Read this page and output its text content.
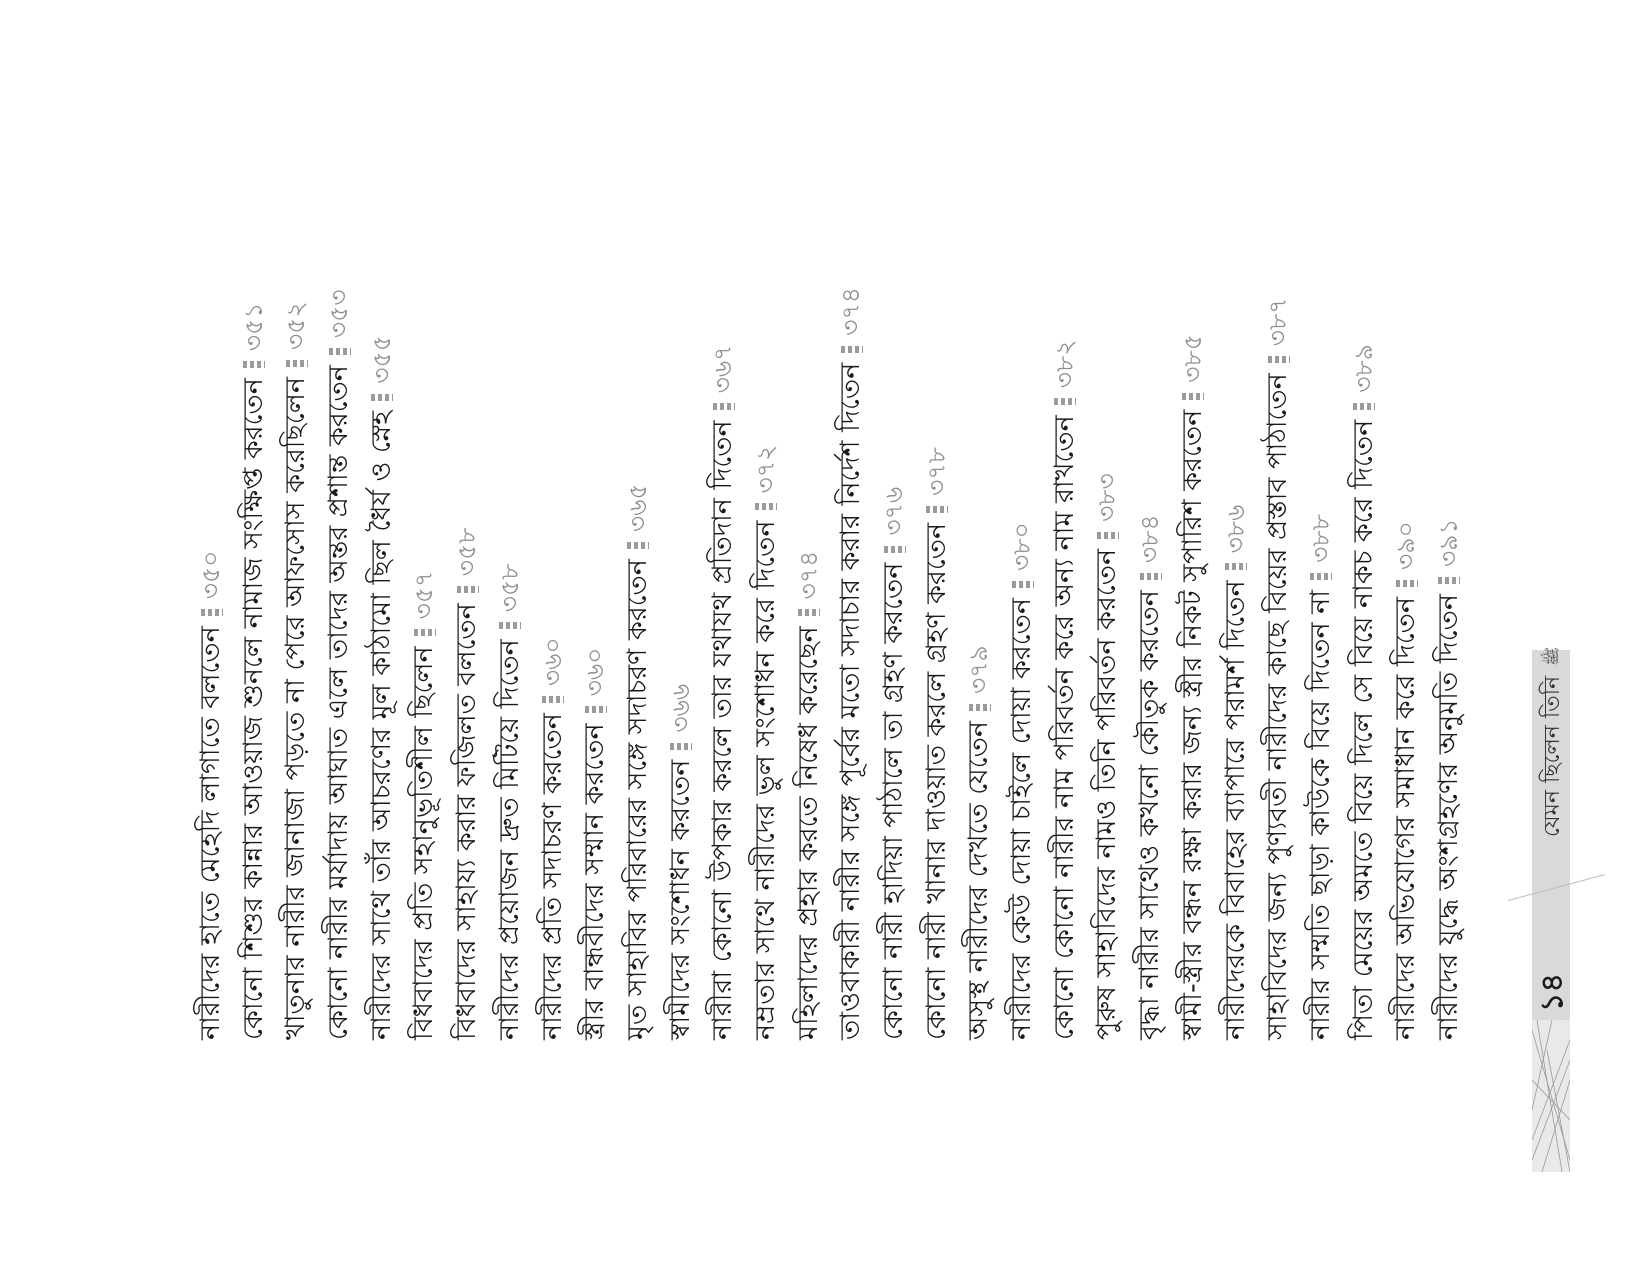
নারীদের হাতে মেহেদি লাগাতে বলতেন৩৫০ কোনো শিশুর কান্নার আওয়াজ শুনলে নামাজ সংক্ষিপ্ত করতেন৩৫১
খাতুনার নারীর জানাজা পড়তে না পেরে আফসোস করেছিলেন৩৫২
কোনো নারীর মর্যাদায় আঘাত এলে তাদের অন্তর প্রশান্ত করতেন৩৫৩
নারীদের সাথে তাঁর আচরণের মূল কাঠামো ছিল ধৈর্য ও স্নেহ৩৫৫
বিধবাদের প্রতি সহানুভূতিশীল ছিলেন৩৫৭
বিধবাদের সাহায্য করার ফজিলত বলতেন৩৫৮
নারীদের প্রয়োজন দ্রুত মিটিয়ে দিতেন৩৫৮
নারীদের প্রতি সদাচরণ করতেন৩৬০
স্ত্রীর বান্ধবীদের সম্মান করতেন৩৬০ মৃত সাহাবির পরিবারের সঙ্গে সদাচরণ করতেন৩৬৫
স্বামীদের সংশোধন করতেন৩৬৬ নারীরা কোনো উপকার করলে তার যথাযথ প্রতিদান দিতেন৩৬৭
নম্রতার সাথে নারীদের ভুল সংশোধন করে দিতেন৩৭২
মহিলাদের প্রহার করতে নিষেধ করেছেন৩৭৪ তাওবাকারী নারীর সঙ্গে পূর্বের মতো সদাচার করার নির্দেশ দিতেন৩৭৪
কোনো নারী হাদিয়া পাঠালে তা গ্রহণ করতেন৩৭৬
কোনো নারী খানার দাওয়াত করলে গ্রহণ করতেন৩৭৮
অসুস্থ নারীদের দেখতে যেতেন৩৭৯ নারীদের কেউ দোয়া চাইলে দোয়া করতেন৩৮০ কোনো কোনো নারীর নাম পরিবর্তন করে অন্য নাম রাখতেন৩৮২
পুরুষ সাহাবিদের নামও তিনি পরিবর্তন করতেন৩৮৩
বৃদ্ধা নারীর সাথেও কখনো কৌতুক করতেন৩৮৪ স্বামী-স্ত্রীর বন্ধন রক্ষা করার জন্য স্ত্রীর নিকট সুপারিশ করতেন৩৮৫
নারীদেরকে বিবাহের ব্যাপারে পরামর্শ দিতেন৩৮৬ সাহাবিদের জন্য পুণ্যবতী নারীদের কাছে বিয়ের প্রস্তাব পাঠাতেন৩৮৭
নারীর সম্মতি ছাড়া কাউকে বিয়ে দিতেন না৩৮৮ পিতা মেয়ের অমতে বিয়ে দিলে সে বিয়ে নাকচ করে দিতেন৩৮৯
নারীদের অভিযোগের সমাধান করে দিতেন৩৯০
নারীদের যুদ্ধে অংশগ্রহণের অনুমতি দিতেন৩৯১
১৪
যেমন ছিলেন তিনি
ﷺ
